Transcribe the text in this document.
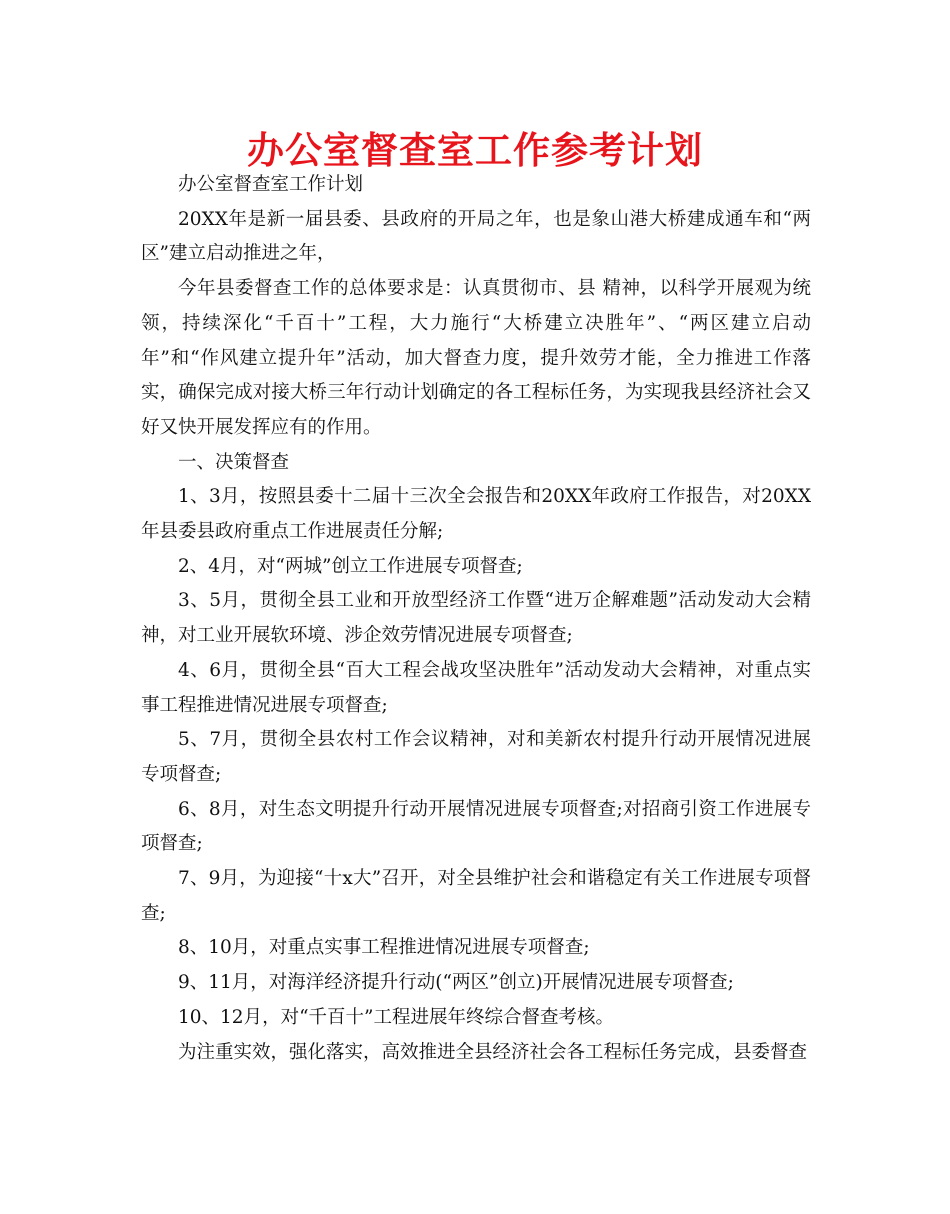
办公室督查室工作参考计划

办公室督查室工作计划

20XX年是新一届县委、县政府的开局之年，也是象山港大桥建成通车和“两区”建立启动推进之年，

今年县委督查工作的总体要求是：认真贯彻市、县 精神，以科学开展观为统领，持续深化“千百十”工程，大力施行“大桥建立决胜年”、“两区建立启动年”和“作风建立提升年”活动，加大督查力度，提升效劳才能，全力推进工作落实，确保完成对接大桥三年行动计划确定的各工程标任务，为实现我县经济社会又好又快开展发挥应有的作用。

一、决策督查

1、3月，按照县委十二届十三次全会报告和20XX年政府工作报告，对20XX年县委县政府重点工作进展责任分解;

2、4月，对“两城”创立工作进展专项督查;

3、5月，贯彻全县工业和开放型经济工作暨“进万企解难题”活动发动大会精神，对工业开展软环境、涉企效劳情况进展专项督查;

4、6月，贯彻全县“百大工程会战攻坚决胜年”活动发动大会精神，对重点实事工程推进情况进展专项督查;

5、7月，贯彻全县农村工作会议精神，对和美新农村提升行动开展情况进展专项督查;

6、8月，对生态文明提升行动开展情况进展专项督查;对招商引资工作进展专项督查;

7、9月，为迎接“十x大”召开，对全县维护社会和谐稳定有关工作进展专项督查;

8、10月，对重点实事工程推进情况进展专项督查;

9、11月，对海洋经济提升行动(“两区”创立)开展情况进展专项督查;

10、12月，对“千百十”工程进展年终综合督查考核。

为注重实效，强化落实，高效推进全县经济社会各工程标任务完成，县委督查
